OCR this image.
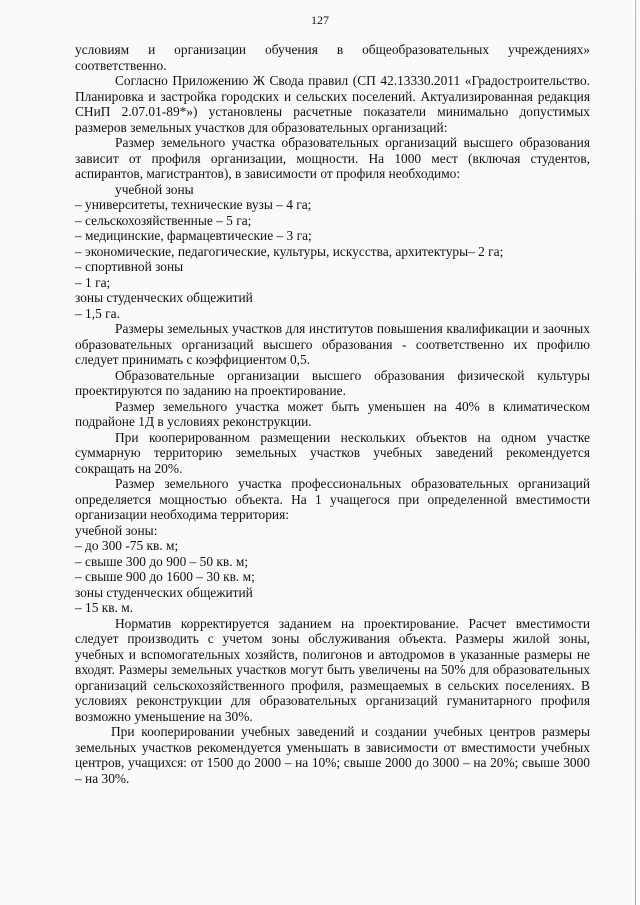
127

условиям и организации обучения в общеобразовательных учреждениях» соответственно.

Согласно Приложению Ж Свода правил (СП 42.13330.2011 «Градостроительство. Планировка и застройка городских и сельских поселений. Актуализированная редакция СНиП 2.07.01-89*») установлены расчетные показатели минимально допустимых размеров земельных участков для образовательных организаций:

Размер земельного участка образовательных организаций высшего образования зависит от профиля организации, мощности. На 1000 мест (включая студентов, аспирантов, магистрантов), в зависимости от профиля необходимо:

учебной зоны

– университеты, технические вузы – 4 га;

– сельскохозяйственные – 5 га;

– медицинские, фармацевтические – 3 га;

– экономические, педагогические, культуры, искусства, архитектуры– 2 га;

– спортивной зоны

– 1 га;

зоны студенческих общежитий

– 1,5 га.

Размеры земельных участков для институтов повышения квалификации и заочных образовательных организаций высшего образования - соответственно их профилю следует принимать с коэффициентом 0,5.

Образовательные организации высшего образования физической культуры проектируются по заданию на проектирование.

Размер земельного участка может быть уменьшен на 40% в климатическом подрайоне 1Д в условиях реконструкции.

При кооперированном размещении нескольких объектов на одном участке суммарную территорию земельных участков учебных заведений рекомендуется сокращать на 20%.

Размер земельного участка профессиональных образовательных организаций определяется мощностью объекта. На 1 учащегося при определенной вместимости организации необходима территория:

учебной зоны:

– до 300 -75 кв. м;

– свыше 300 до 900 – 50 кв. м;

– свыше 900 до 1600 – 30 кв. м;

зоны студенческих общежитий

– 15 кв. м.

Норматив корректируется заданием на проектирование. Расчет вместимости следует производить с учетом зоны обслуживания объекта. Размеры жилой зоны, учебных и вспомогательных хозяйств, полигонов и автодромов в указанные размеры не входят. Размеры земельных участков могут быть увеличены на 50% для образовательных организаций сельскохозяйственного профиля, размещаемых в сельских поселениях. В условиях реконструкции для образовательных организаций гуманитарного профиля возможно уменьшение на 30%.

При кооперировании учебных заведений и создании учебных центров размеры земельных участков рекомендуется уменьшать в зависимости от вместимости учебных центров, учащихся: от 1500 до 2000 – на 10%; свыше 2000 до 3000 – на 20%; свыше 3000 – на 30%.
